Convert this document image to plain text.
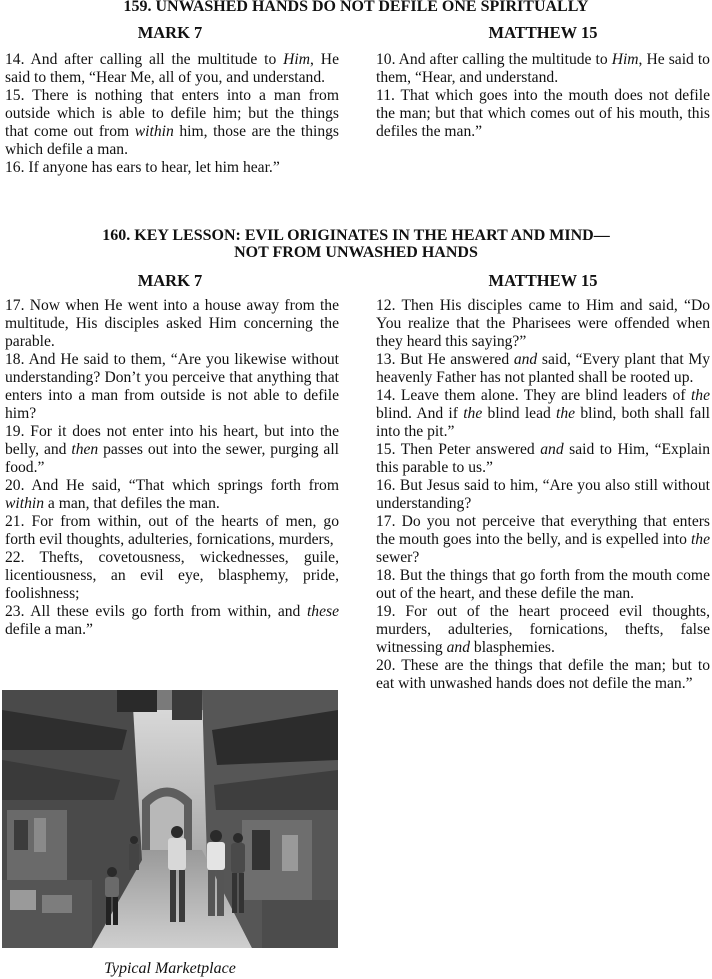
159. UNWASHED HANDS DO NOT DEFILE ONE SPIRITUALLY
MARK 7	MATTHEW 15

14. And after calling all the multitude to Him, He said to them, “Hear Me, all of you, and understand.

15. There is nothing that enters into a man from outside which is able to defile him; but the things that come out from within him, those are the things which defile a man.

16. If anyone has ears to hear, let him hear.”

10. And after calling the multitude to Him, He said to them, “Hear, and understand.

11. That which goes into the mouth does not defile the man; but that which comes out of his mouth, this defiles the man.”

160. KEY LESSON: EVIL ORIGINATES IN THE HEART AND MIND—
NOT FROM UNWASHED HANDS
MARK 7	MATTHEW 15

17. Now when He went into a house away from the multitude, His disciples asked Him concerning the parable.

18. And He said to them, “Are you likewise without understanding? Don’t you perceive that anything that enters into a man from outside is not able to defile him?

19. For it does not enter into his heart, but into the belly, and then passes out into the sewer, purging all food.”

20. And He said, “That which springs forth from within a man, that defiles the man.

21. For from within, out of the hearts of men, go forth evil thoughts, adulteries, fornications, murders,

22. Thefts, covetousness, wickednesses, guile, licentiousness, an evil eye, blasphemy, pride, foolishness;

23. All these evils go forth from within, and these defile a man.”

12. Then His disciples came to Him and said, “Do You realize that the Pharisees were offended when they heard this saying?”

13. But He answered and said, “Every plant that My heavenly Father has not planted shall be rooted up.

14. Leave them alone. They are blind leaders of the blind. And if the blind lead the blind, both shall fall into the pit.”

15. Then Peter answered and said to Him, “Explain this parable to us.”

16. But Jesus said to him, “Are you also still without understanding?

17. Do you not perceive that everything that enters the mouth goes into the belly, and is expelled into the sewer?

18. But the things that go forth from the mouth come out of the heart, and these defile the man.

19. For out of the heart proceed evil thoughts, murders, adulteries, fornications, thefts, false witnessing and blasphemies.

20. These are the things that defile the man; but to eat with unwashed hands does not defile the man.”

Typical Marketplace
